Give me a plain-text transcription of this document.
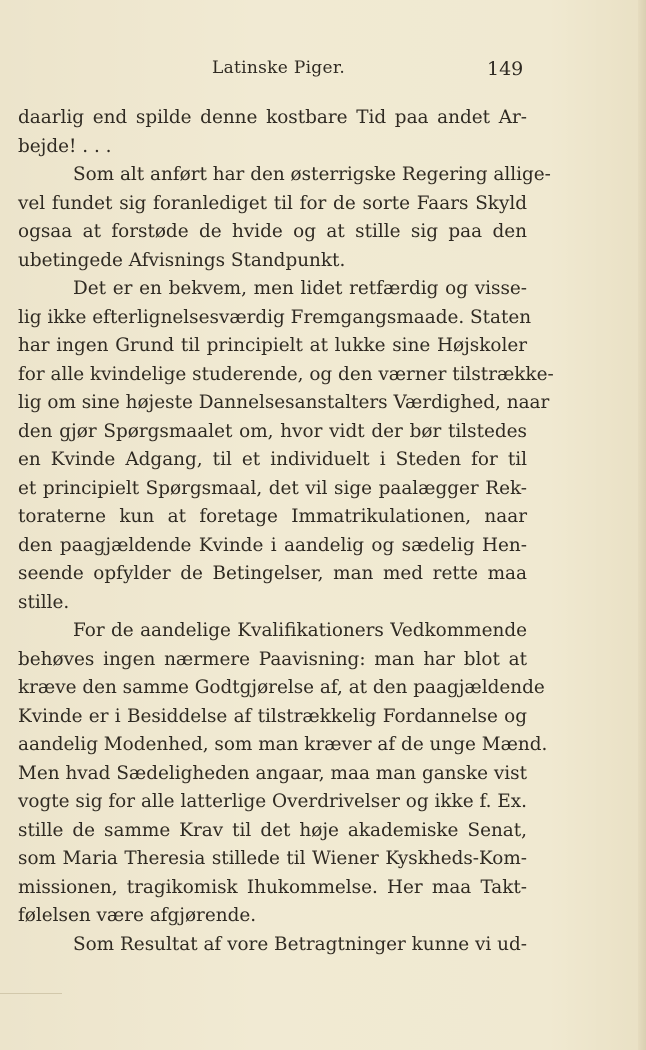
Latinske Piger.	149
daarlig end spilde denne kostbare Tid paa andet Ar-
bejde! . . .
Som alt anført har den østerrigske Regering allige-
vel fundet sig foranlediget til for de sorte Faars Skyld
ogsaa at forstøde de hvide og at stille sig paa den
ubetingede Afvisnings Standpunkt.
Det er en bekvem, men lidet retfærdig og visse-
lig ikke efterlignelsesværdig Fremgangsmaade. Staten
har ingen Grund til principielt at lukke sine Højskoler
for alle kvindelige studerende, og den værner tilstrække-
lig om sine højeste Dannelsesanstalters Værdighed, naar
den gjør Spørgsmaalet om, hvor vidt der bør tilstedes
en Kvinde Adgang, til et individuelt i Steden for til
et principielt Spørgsmaal, det vil sige paalægger Rek-
toraterne kun at foretage Immatrikulationen, naar
den paagjældende Kvinde i aandelig og sædelig Hen-
seende opfylder de Betingelser, man med rette maa
stille.
For de aandelige Kvalifikationers Vedkommende
behøves ingen nærmere Paavisning: man har blot at
kræve den samme Godtgjørelse af, at den paagjældende
Kvinde er i Besiddelse af tilstrækkelig Fordannelse og
aandelig Modenhed, som man kræver af de unge Mænd.
Men hvad Sædeligheden angaar, maa man ganske vist
vogte sig for alle latterlige Overdrivelser og ikke f. Ex.
stille de samme Krav til det høje akademiske Senat,
som Maria Theresia stillede til Wiener Kyskheds-Kom-
missionen, tragikomisk Ihukommelse. Her maa Takt-
følelsen være afgjørende.
Som Resultat af vore Betragtninger kunne vi ud-
